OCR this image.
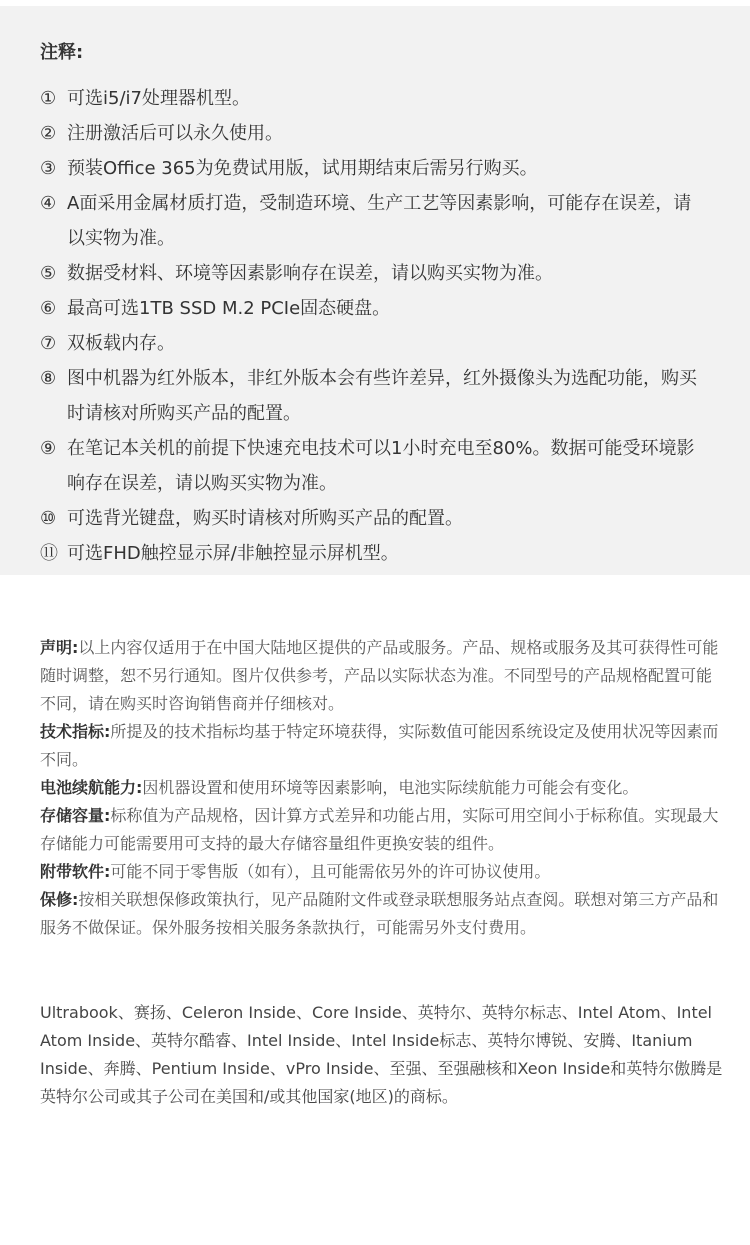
注释:
① 可选i5/i7处理器机型。
② 注册激活后可以永久使用。
③ 预装Office 365为免费试用版，试用期结束后需另行购买。
④ A面采用金属材质打造，受制造环境、生产工艺等因素影响，可能存在误差，请以实物为准。
⑤ 数据受材料、环境等因素影响存在误差，请以购买实物为准。
⑥ 最高可选1TB SSD M.2 PCIe固态硬盘。
⑦ 双板载内存。
⑧ 图中机器为红外版本，非红外版本会有些许差异，红外摄像头为选配功能，购买时请核对所购买产品的配置。
⑨ 在笔记本关机的前提下快速充电技术可以1小时充电至80%。数据可能受环境影响存在误差，请以购买实物为准。
⑩ 可选背光键盘，购买时请核对所购买产品的配置。
⑪ 可选FHD触控显示屏/非触控显示屏机型。

声明:以上内容仅适用于在中国大陆地区提供的产品或服务。产品、规格或服务及其可获得性可能随时调整，恕不另行通知。图片仅供参考，产品以实际状态为准。不同型号的产品规格配置可能不同，请在购买时咨询销售商并仔细核对。

技术指标:所提及的技术指标均基于特定环境获得，实际数值可能因系统设定及使用状况等因素而不同。

电池续航能力:因机器设置和使用环境等因素影响，电池实际续航能力可能会有变化。

存储容量:标称值为产品规格，因计算方式差异和功能占用，实际可用空间小于标称值。实现最大存储能力可能需要用可支持的最大存储容量组件更换安装的组件。

附带软件:可能不同于零售版（如有），且可能需依另外的许可协议使用。

保修:按相关联想保修政策执行，见产品随附文件或登录联想服务站点查阅。联想对第三方产品和服务不做保证。保外服务按相关服务条款执行，可能需另外支付费用。

Ultrabook、赛扬、Celeron Inside、Core Inside、英特尔、英特尔标志、Intel Atom、Intel Atom Inside、英特尔酷睿、Intel Inside、Intel Inside标志、英特尔博锐、安腾、Itanium Inside、奔腾、Pentium Inside、vPro Inside、至强、至强融核和Xeon Inside和英特尔傲腾是英特尔公司或其子公司在美国和/或其他国家(地区)的商标。
